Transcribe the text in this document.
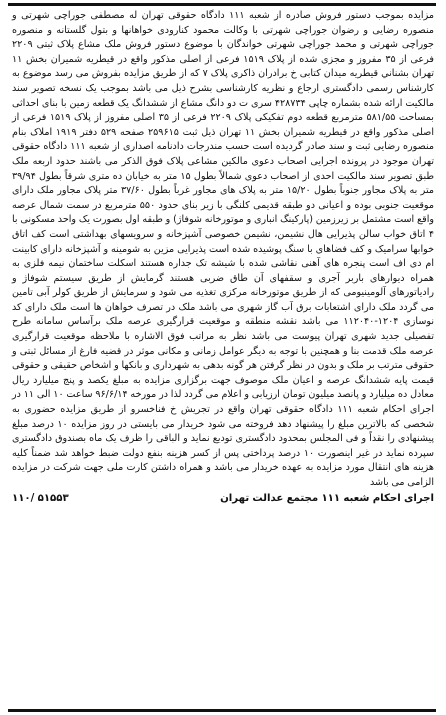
مزایده بموجب دستور فروش صادره از شعبه ۱۱۱ دادگاه حقوقی تهران له مصطفی جوراچی شهرتی و منصوره رضایی و رضوان جوراچی شهرتی با وکالت محمود کنارودی خواهانها و بتول گلستانه و منصوره جوراچی شهرتی و محمد جوراچی شهرتی خواندگان با موضوع دستور فروش ملک مشاع پلاک ثبتی ۲۲۰۹ فرعی از ۳۵ مفروز و مجزی شده از پلاک ۱۵۱۹ فرعی از اصلی مذکور واقع در قیطریه شمیران بخش ۱۱ تهران بشناني قیطریه میدان کتابی خ برادران ذاکری پلاک ۷ که از طریق مزایده بفروش می رسد موضوع به کارشناس رسمی دادگستری ارجاع و نظریه کارشناسی بشرح ذیل می باشد بموجب یک نسخه تصویر سند مالکیت ارائه شده بشماره چاپی ۴۲۸۷۳۴ سری ت دو دانگ مشاع از ششدانگ یک قطعه زمین با بنای احداثی بمساحت ۵۸۱/۵۵ مترمربع قطعه دوم تفکیکی پلاک ۲۲۰۹ فرعی از ۳۵ اصلی مفروز از پلاک ۱۵۱۹ فرعی از اصلی مذکور واقع در قیطریه شمیران بخش ۱۱ تهران ذیل ثبت ۲۵۹۶۱۵ صفحه ۵۲۹ دفتر ۱۹۱۹ املاک بنام منصوره رضایی ثبت و سند صادر گردیده است حسب مندرجات دادنامه اصداری از شعبه ۱۱۱ دادگاه حقوقی تهران موجود در پرونده اجرایی اصحاب دعوی مالکین مشاعی پلاک فوق الذکر می باشند حدود اربعه ملک طبق تصویر سند مالکیت احدی از اصحاب دعوی شمالاً بطول ۱۵ متر به خیابان ده متری شرقاً بطول ۳۹/۹۴ متر به پلاک مجاور جنوباً بطول ۱۵/۲۰ متر به پلاک های مجاور غرباً بطول ۳۷/۶۰ متر پلاک مجاور ملک دارای موقعیت جنوبی بوده و اعیانی دو طبقه قدیمی کلنگی با زیر بنای حدود ۵۵۰ مترمربع در سمت شمال عرصه واقع است مشتمل بر زیرزمین (پارکینگ انباری و موتورخانه شوفاژ) و طبقه اول بصورت یک واحد مسکونی با ۴ اتاق خواب سالن پذیرایی هال نشیمن، نشیمن خصوصی آشپزخانه و سرویسهای بهداشتی است کف اتاق خوابها سرامیک و کف فضاهای با سنگ پوشیده شده است پذیرایی مزین به شومینه و آشپزخانه دارای کابینت ام دی اف است پنجره های آهنی نقاشی شده با شیشه تک جداره هستند اسکلت ساختمان نیمه فلزی به همراه دیوارهای باربر آجری و سقفهای آن طاق ضربی هستند گرمایش از طریق سیستم شوفاژ و رادیاتورهای آلومینیومی که از طریق موتورخانه مرکزی تغذیه می شود و سرمایش از طریق کولر آبی تامین می گردد ملک دارای اشتعابات برق آب گاز شهری می باشد ملک در تصرف خواهان ها است ملک دارای کد نوسازی ۱۲۰۴-۱۱۲۰۴۰ می باشد نقشه منطقه و موقعیت قرارگیری عرصه ملک برآساس سامانه طرح تفصیلی جدید شهری تهران پیوست می باشد نظر به مراتب فوق الاشاره با ملاحظه موقعیت قرارگیری عرصه ملک قدمت بنا و همچنین با توجه به دیگر عوامل زمانی و مکانی موثر در قضیه فارغ از مسائل ثبتی و حقوقی مترتب بر ملک و بدون در نظر گرفتن هر گونه بدهی به شهرداری و بانکها و اشخاص حقیقی و حقوقی قیمت پایه ششدانگ عرصه و اعیان ملک موصوف جهت برگزاری مزایده به مبلغ یکصد و پنج میلیارد ریال معادل ده میلیارد و پانصد میلیون تومان ارزیابی و اعلام می گردد لذا در مورخه ۹۶/۶/۱۴ ساعت ۱۰ الی ۱۱ در اجرای احکام شعبه ۱۱۱ دادگاه حقوقی تهران واقع در تجریش خ فناخسرو از طریق مزایده حضوری به شخصی که بالاترین مبلغ را پیشنهاد دهد فروخته می شود خریدار می بایستی در روز مزایده ۱۰ درصد مبلغ پیشنهادی را نقداً و فی المجلس بمحدود دادگستری تودیع نماید و الباقی را ظرف یک ماه بصندوق دادگستری سپرده نماید در غیر اینصورت ۱۰ درصد پرداختی پس از کسر هزینه بنفع دولت ضبط خواهد شد ضمناً کلیه هزینه های انتقال مورد مزایده به عهده خریدار می باشد و همراه داشتن کارت ملی جهت شرکت در مزایده الزامی می باشد
اجرای احکام شعبه ۱۱۱ مجتمع عدالت تهران
۱۱۰/ ۵۱۵۵۳
